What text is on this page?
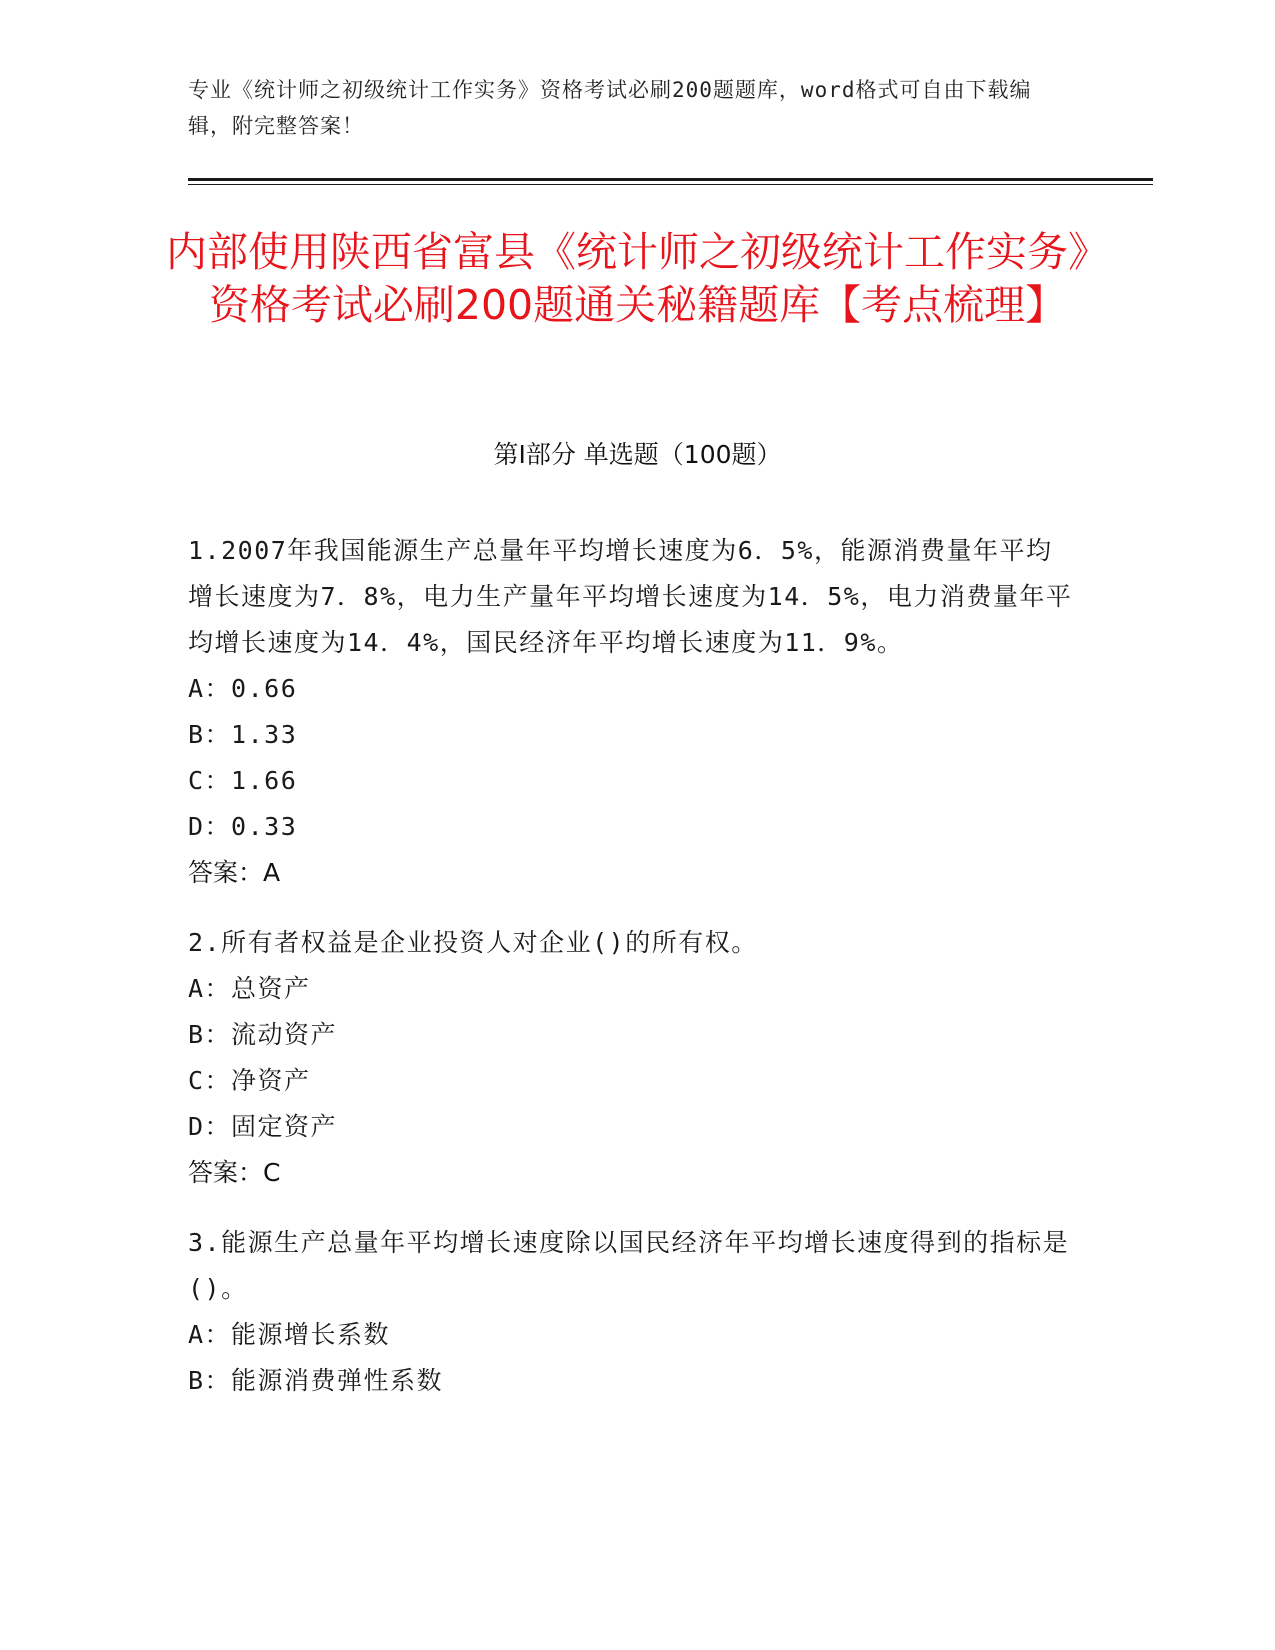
专业《统计师之初级统计工作实务》资格考试必刷200题题库，word格式可自由下载编辑，附完整答案！
内部使用陕西省富县《统计师之初级统计工作实务》资格考试必刷200题通关秘籍题库【考点梳理】
第Ⅰ部分 单选题（100题）
1.2007年我国能源生产总量年平均增长速度为6．5%，能源消费量年平均增长速度为7．8%，电力生产量年平均增长速度为14．5%，电力消费量年平均增长速度为14．4%，国民经济年平均增长速度为11．9%。
A：0.66
B：1.33
C：1.66
D：0.33
答案：A
2.所有者权益是企业投资人对企业()的所有权。
A：总资产
B：流动资产
C：净资产
D：固定资产
答案：C
3.能源生产总量年平均增长速度除以国民经济年平均增长速度得到的指标是()。
A：能源增长系数
B：能源消费弹性系数
